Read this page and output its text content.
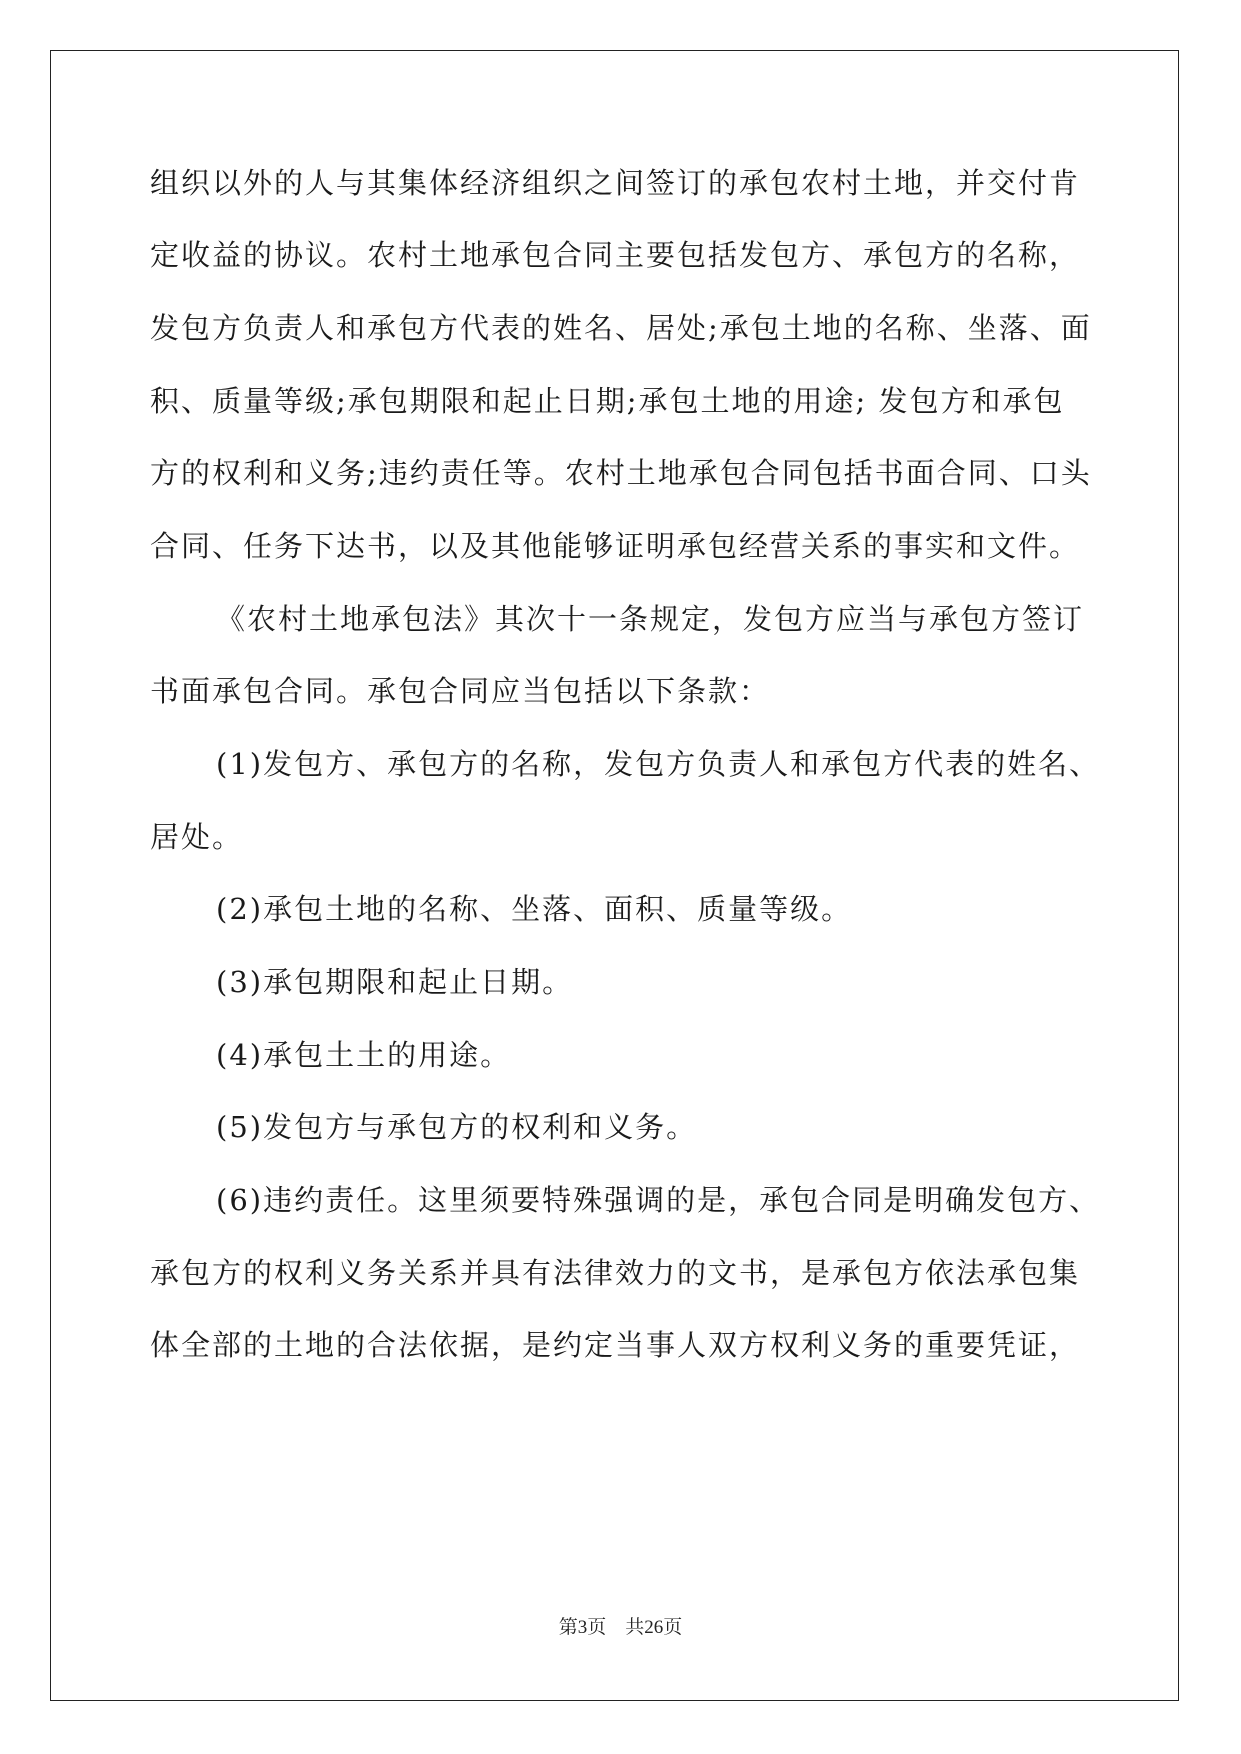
组织以外的人与其集体经济组织之间签订的承包农村土地，并交付肯
定收益的协议。农村土地承包合同主要包括发包方、承包方的名称，
发包方负责人和承包方代表的姓名、居处;承包土地的名称、坐落、面
积、质量等级;承包期限和起止日期;承包土地的用途; 发包方和承包
方的权利和义务;违约责任等。农村土地承包合同包括书面合同、口头
合同、任务下达书，以及其他能够证明承包经营关系的事实和文件。
《农村土地承包法》其次十一条规定，发包方应当与承包方签订
书面承包合同。承包合同应当包括以下条款：
(1)发包方、承包方的名称，发包方负责人和承包方代表的姓名、
居处。
(2)承包土地的名称、坐落、面积、质量等级。
(3)承包期限和起止日期。
(4)承包土土的用途。
(5)发包方与承包方的权利和义务。
(6)违约责任。这里须要特殊强调的是，承包合同是明确发包方、
承包方的权利义务关系并具有法律效力的文书，是承包方依法承包集
体全部的土地的合法依据，是约定当事人双方权利义务的重要凭证，
第3页 共26页
